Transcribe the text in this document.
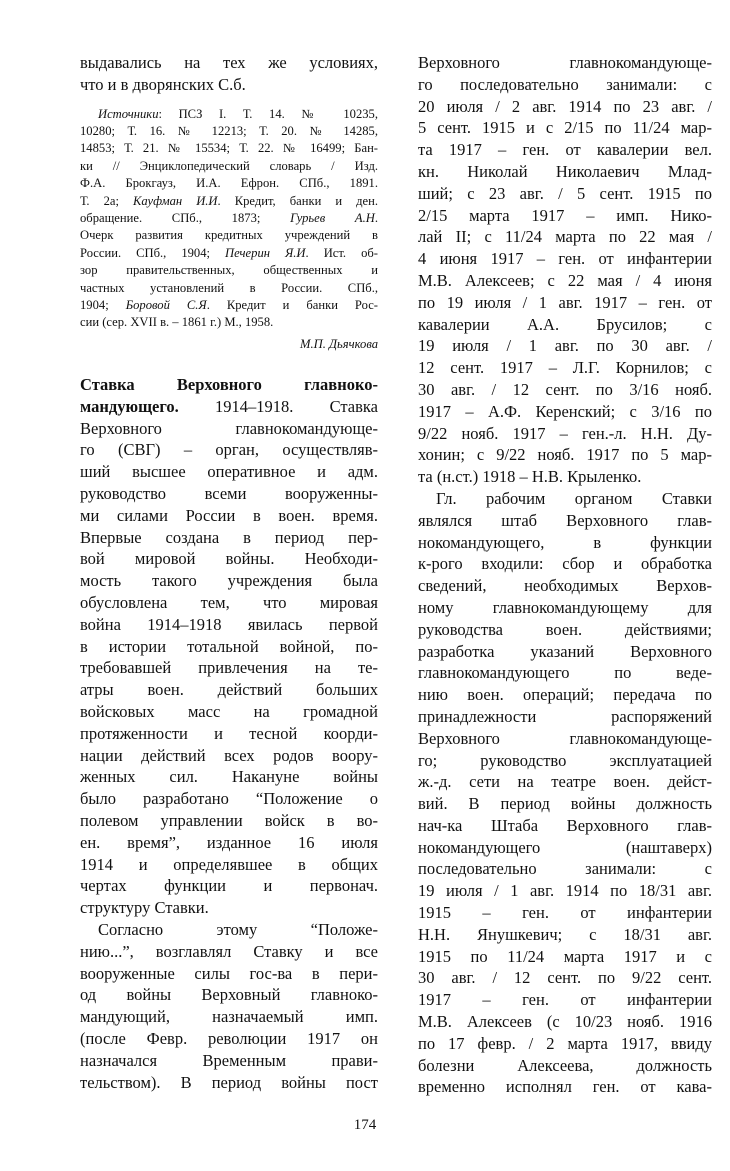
выдавались на тех же условиях,
что и в дворянских С.б.
Источники: ПСЗ I. Т. 14. № 10235,
10280; Т. 16. № 12213; Т. 20. № 14285,
14853; Т. 21. № 15534; Т. 22. № 16499; Бан-
ки // Энциклопедический словарь / Изд.
Ф.А. Брокгауз, И.А. Ефрон. СПб., 1891.
Т. 2а; Кауфман И.И. Кредит, банки и ден.
обращение. СПб., 1873; Гурьев А.Н.
Очерк развития кредитных учреждений в
России. СПб., 1904; Печерин Я.И. Ист. об-
зор правительственных, общественных и
частных установлений в России. СПб.,
1904; Боровой С.Я. Кредит и банки Рос-
сии (сер. XVII в. – 1861 г.) М., 1958.
М.П. Дьячкова
Ставка Верховного главноко-
мандующего. 1914–1918. Ставка
Верховного главнокомандующе-
го (СВГ) – орган, осуществляв-
ший высшее оперативное и адм.
руководство всеми вооруженны-
ми силами России в воен. время.
Впервые создана в период пер-
вой мировой войны. Необходи-
мость такого учреждения была
обусловлена тем, что мировая
война 1914–1918 явилась первой
в истории тотальной войной, по-
требовавшей привлечения на те-
атры воен. действий больших
войсковых масс на громадной
протяженности и тесной коорди-
нации действий всех родов воору-
женных сил. Накануне войны
было разработано “Положение о
полевом управлении войск в во-
ен. время”, изданное 16 июля
1914 и определявшее в общих
чертах функции и первонач.
структуру Ставки.
Согласно этому “Положе-
нию...”, возглавлял Ставку и все
вооруженные силы гос-ва в пери-
од войны Верховный главноко-
мандующий, назначаемый имп.
(после Февр. революции 1917 он
назначался Временным прави-
тельством). В период войны пост
Верховного главнокомандующе-
го последовательно занимали: с
20 июля / 2 авг. 1914 по 23 авг. /
5 сент. 1915 и с 2/15 по 11/24 мар-
та 1917 – ген. от кавалерии вел.
кн. Николай Николаевич Млад-
ший; с 23 авг. / 5 сент. 1915 по
2/15 марта 1917 – имп. Нико-
лай II; с 11/24 марта по 22 мая /
4 июня 1917 – ген. от инфантерии
М.В. Алексеев; с 22 мая / 4 июня
по 19 июля / 1 авг. 1917 – ген. от
кавалерии А.А. Брусилов; с
19 июля / 1 авг. по 30 авг. /
12 сент. 1917 – Л.Г. Корнилов; с
30 авг. / 12 сент. по 3/16 нояб.
1917 – А.Ф. Керенский; с 3/16 по
9/22 нояб. 1917 – ген.-л. Н.Н. Ду-
хонин; с 9/22 нояб. 1917 по 5 мар-
та (н.ст.) 1918 – Н.В. Крыленко.
Гл. рабочим органом Ставки
являлся штаб Верховного глав-
нокомандующего, в функции
к-рого входили: сбор и обработка
сведений, необходимых Верхов-
ному главнокомандующему для
руководства воен. действиями;
разработка указаний Верховного
главнокомандующего по веде-
нию воен. операций; передача по
принадлежности распоряжений
Верховного главнокомандующе-
го; руководство эксплуатацией
ж.-д. сети на театре воен. дейст-
вий. В период войны должность
нач-ка Штаба Верховного глав-
нокомандующего (наштаверх)
последовательно занимали: с
19 июля / 1 авг. 1914 по 18/31 авг.
1915 – ген. от инфантерии
Н.Н. Янушкевич; с 18/31 авг.
1915 по 11/24 марта 1917 и с
30 авг. / 12 сент. по 9/22 сент.
1917 – ген. от инфантерии
М.В. Алексеев (с 10/23 нояб. 1916
по 17 февр. / 2 марта 1917, ввиду
болезни Алексеева, должность
временно исполнял ген. от кава-
174
